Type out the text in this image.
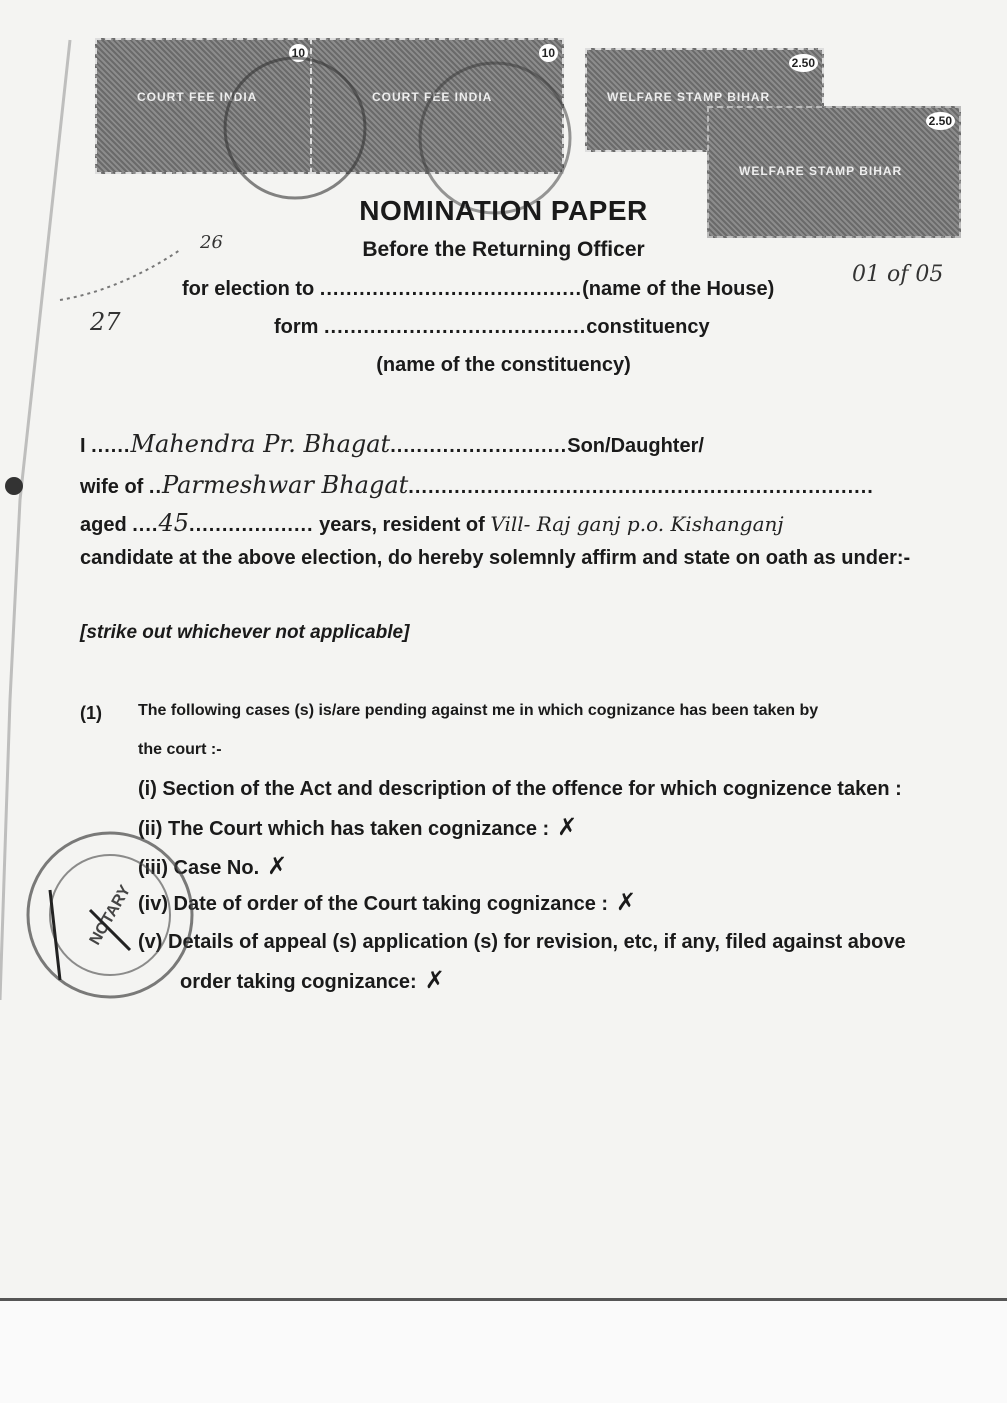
COURT FEE INDIA
10
COURT FEE INDIA
10
WELFARE STAMP BIHAR
2.50
WELFARE STAMP BIHAR
2.50
NOMINATION PAPER
Before the Returning Officer
01 of 05
27
26
for election to ........................................(name of the House)
form ........................................constituency
(name of the constituency)
I ......Mahendra Pr. Bhagat...........................Son/Daughter/
wife of ..Parmeshwar Bhagat.......................................................................
aged ....45................... years, resident of Vill- Raj ganj p.o. Kishanganj
candidate at the above election, do hereby solemnly affirm and state on oath as under:-
[strike out whichever not applicable]
(1) The following cases (s) is/are pending against me in which cognizance has been taken by
the court :-
(i) Section of the Act and description of the offence for which cognizence taken :
(ii) The Court which has taken cognizance : ✗
(iii) Case No. ✗
(iv) Date of order of the Court taking cognizance : ✗
(v) Details of appeal (s) application (s) for revision, etc, if any, filed against above
order taking cognizance: ✗
NOTARY
